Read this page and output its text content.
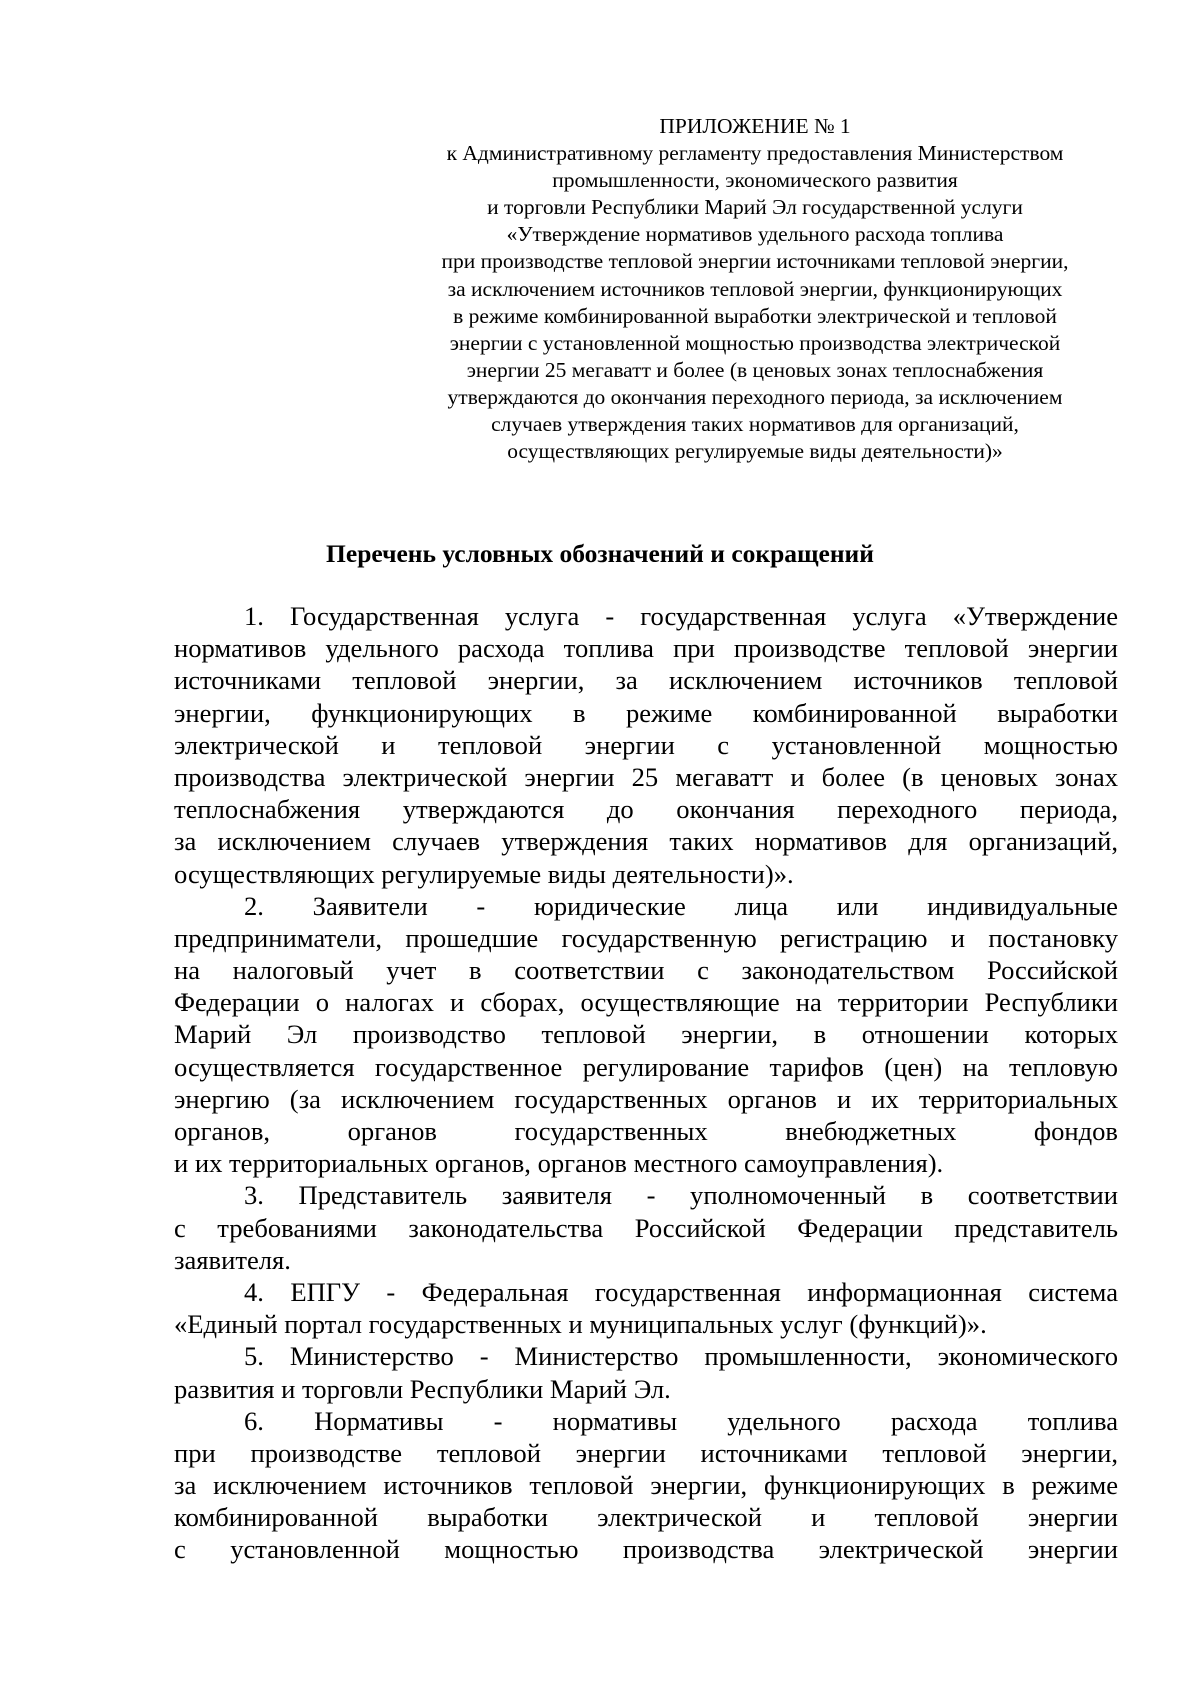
ПРИЛОЖЕНИЕ № 1
к Административному регламенту предоставления Министерством
промышленности, экономического развития
и торговли Республики Марий Эл государственной услуги
«Утверждение нормативов удельного расхода топлива
при производстве тепловой энергии источниками тепловой энергии,
за исключением источников тепловой энергии, функционирующих
в режиме комбинированной выработки электрической и тепловой
энергии с установленной мощностью производства электрической
энергии 25 мегаватт и более (в ценовых зонах теплоснабжения
утверждаются до окончания переходного периода, за исключением
случаев утверждения таких нормативов для организаций,
осуществляющих регулируемые виды деятельности)»
Перечень условных обозначений и сокращений
1. Государственная услуга - государственная услуга «Утверждение
нормативов удельного расхода топлива при производстве тепловой энергии
источниками тепловой энергии, за исключением источников тепловой
энергии, функционирующих в режиме комбинированной выработки
электрической и тепловой энергии с установленной мощностью
производства электрической энергии 25 мегаватт и более (в ценовых зонах
теплоснабжения утверждаются до окончания переходного периода,
за исключением случаев утверждения таких нормативов для организаций,
осуществляющих регулируемые виды деятельности)».
2. Заявители - юридические лица или индивидуальные
предприниматели, прошедшие государственную регистрацию и постановку
на налоговый учет в соответствии с законодательством Российской
Федерации о налогах и сборах, осуществляющие на территории Республики
Марий Эл производство тепловой энергии, в отношении которых
осуществляется государственное регулирование тарифов (цен) на тепловую
энергию (за исключением государственных органов и их территориальных
органов, органов государственных внебюджетных фондов
и их территориальных органов, органов местного самоуправления).
3. Представитель заявителя - уполномоченный в соответствии
с требованиями законодательства Российской Федерации представитель
заявителя.
4. ЕПГУ - Федеральная государственная информационная система
«Единый портал государственных и муниципальных услуг (функций)».
5. Министерство - Министерство промышленности, экономического
развития и торговли Республики Марий Эл.
6. Нормативы - нормативы удельного расхода топлива
при производстве тепловой энергии источниками тепловой энергии,
за исключением источников тепловой энергии, функционирующих в режиме
комбинированной выработки электрической и тепловой энергии
с установленной мощностью производства электрической энергии
